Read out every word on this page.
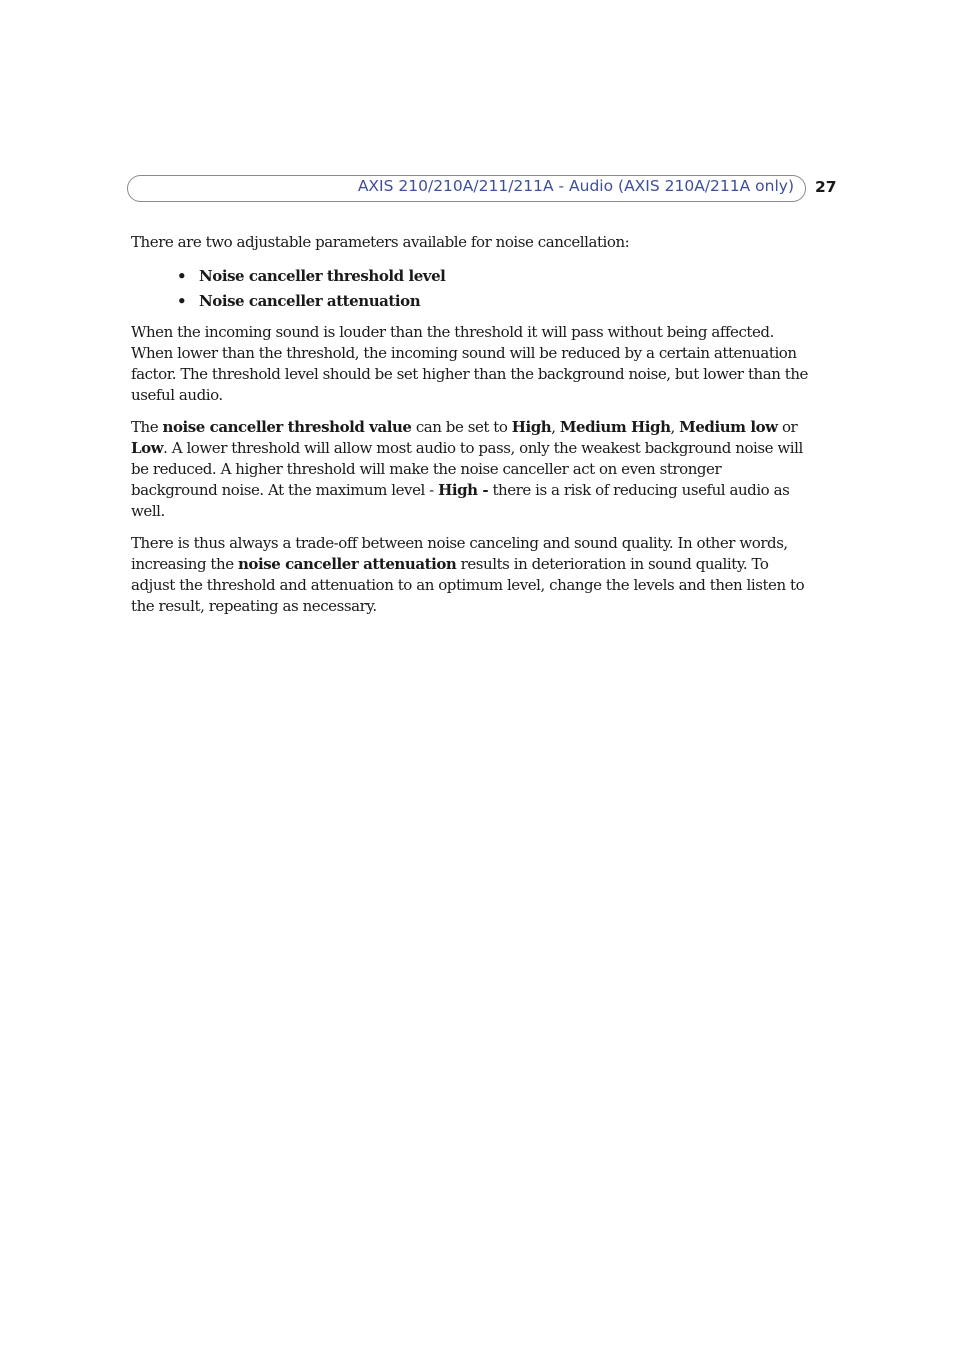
AXIS 210/210A/211/211A - Audio (AXIS 210A/211A only) 27

There are two adjustable parameters available for noise cancellation:

• Noise canceller threshold level
• Noise canceller attenuation

When the incoming sound is louder than the threshold it will pass without being affected. When lower than the threshold, the incoming sound will be reduced by a certain attenuation factor. The threshold level should be set higher than the background noise, but lower than the useful audio.

The noise canceller threshold value can be set to High, Medium High, Medium low or Low. A lower threshold will allow most audio to pass, only the weakest background noise will be reduced. A higher threshold will make the noise canceller act on even stronger background noise. At the maximum level - High - there is a risk of reducing useful audio as well.

There is thus always a trade-off between noise canceling and sound quality. In other words, increasing the noise canceller attenuation results in deterioration in sound quality. To adjust the threshold and attenuation to an optimum level, change the levels and then listen to the result, repeating as necessary.
